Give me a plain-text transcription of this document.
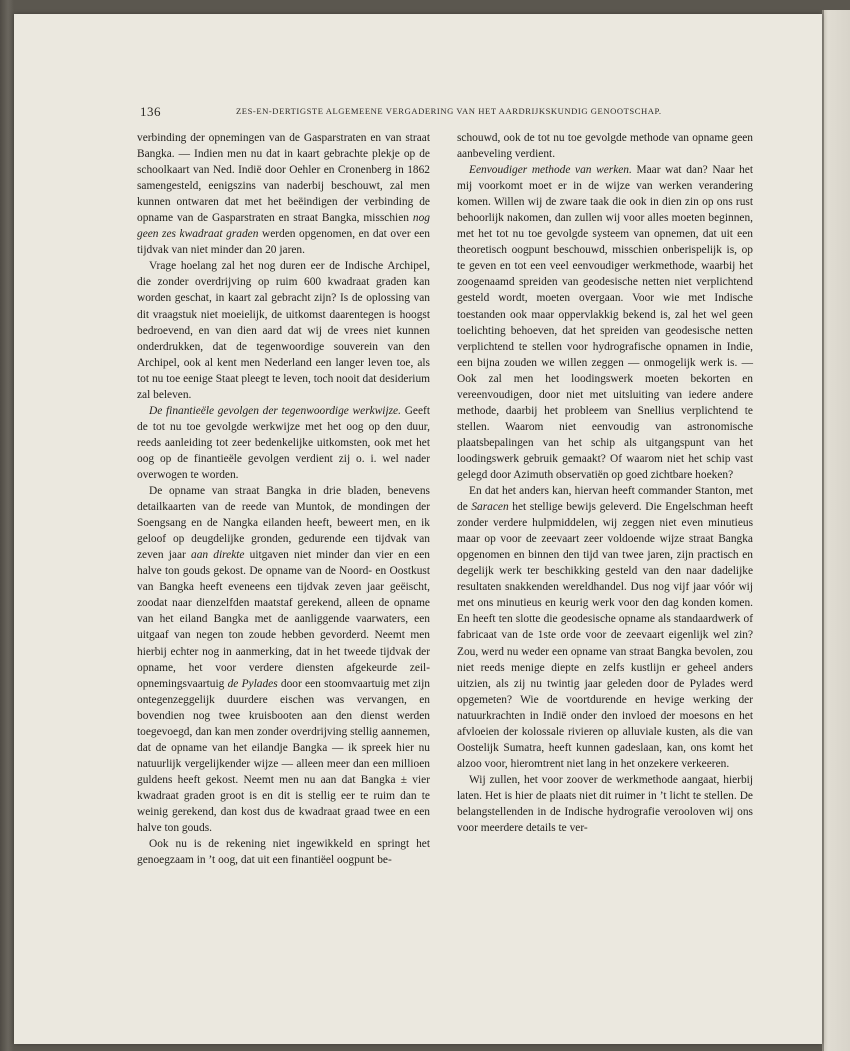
136	ZES-EN-DERTIGSTE ALGEMEENE VERGADERING VAN HET AARDRIJKSKUNDIG GENOOTSCHAP.

verbinding der opnemingen van de Gasparstraten en van straat Bangka. — Indien men nu dat in kaart gebrachte plekje op de schoolkaart van Ned. Indië door Oehler en Cronenberg in 1862 samengesteld, eenigszins van naderbij beschouwt, zal men kunnen ontwaren dat met het beëindigen der verbinding de opname van de Gasparstraten en straat Bangka, misschien nog geen zes kwadraat graden werden opgenomen, en dat over een tijdvak van niet minder dan 20 jaren.

Vrage hoelang zal het nog duren eer de Indische Archipel, die zonder overdrijving op ruim 600 kwadraat graden kan worden geschat, in kaart zal gebracht zijn? Is de oplossing van dit vraagstuk niet moeielijk, de uitkomst daarentegen is hoogst bedroevend, en van dien aard dat wij de vrees niet kunnen onderdrukken, dat de tegenwoordige souverein van den Archipel, ook al kent men Nederland een langer leven toe, als tot nu toe eenige Staat pleegt te leven, toch nooit dat desiderium zal beleven.

De finantieële gevolgen der tegenwoordige werkwijze. Geeft de tot nu toe gevolgde werkwijze met het oog op den duur, reeds aanleiding tot zeer bedenkelijke uitkomsten, ook met het oog op de finantieële gevolgen verdient zij o. i. wel nader overwogen te worden.

De opname van straat Bangka in drie bladen, benevens detailkaarten van de reede van Muntok, de mondingen der Soengsang en de Nangka eilanden heeft, beweert men, en ik geloof op deugdelijke gronden, gedurende een tijdvak van zeven jaar aan direkte uitgaven niet minder dan vier en een halve ton gouds gekost. De opname van de Noord- en Oostkust van Bangka heeft eveneens een tijdvak zeven jaar geëischt, zoodat naar dienzelfden maatstaf gerekend, alleen de opname van het eiland Bangka met de aanliggende vaarwaters, een uitgaaf van negen ton zoude hebben gevorderd. Neemt men hierbij echter nog in aanmerking, dat in het tweede tijdvak der opname, het voor verdere diensten afgekeurde zeil-opnemingsvaartuig de Pylades door een stoomvaartuig met zijn ontegenzeggelijk duurdere eischen was vervangen, en bovendien nog twee kruisbooten aan den dienst werden toegevoegd, dan kan men zonder overdrijving stellig aannemen, dat de opname van het eilandje Bangka — ik spreek hier nu natuurlijk vergelijkender wijze — alleen meer dan een millioen guldens heeft gekost. Neemt men nu aan dat Bangka ± vier kwadraat graden groot is en dit is stellig eer te ruim dan te weinig gerekend, dan kost dus de kwadraat graad twee en een halve ton gouds.

Ook nu is de rekening niet ingewikkeld en springt het genoegzaam in ’t oog, dat uit een finantiëel oogpunt be-

schouwd, ook de tot nu toe gevolgde methode van opname geen aanbeveling verdient.

Eenvoudiger methode van werken. Maar wat dan? Naar het mij voorkomt moet er in de wijze van werken verandering komen. Willen wij de zware taak die ook in dien zin op ons rust behoorlijk nakomen, dan zullen wij voor alles moeten beginnen, met het tot nu toe gevolgde systeem van opnemen, dat uit een theoretisch oogpunt beschouwd, misschien onberispelijk is, op te geven en tot een veel eenvoudiger werkmethode, waarbij het zoogenaamd spreiden van geodesische netten niet verplichtend gesteld wordt, moeten overgaan. Voor wie met Indische toestanden ook maar oppervlakkig bekend is, zal het wel geen toelichting behoeven, dat het spreiden van geodesische netten verplichtend te stellen voor hydrografische opnamen in Indie, een bijna zouden we willen zeggen — onmogelijk werk is. — Ook zal men het loodingswerk moeten bekorten en vereenvoudigen, door niet met uitsluiting van iedere andere methode, daarbij het probleem van Snellius verplichtend te stellen. Waarom niet eenvoudig van astronomische plaatsbepalingen van het schip als uitgangspunt van het loodingswerk gebruik gemaakt? Of waarom niet het schip vast gelegd door Azimuth observatiën op goed zichtbare hoeken?

En dat het anders kan, hiervan heeft commander Stanton, met de Saracen het stellige bewijs geleverd. Die Engelschman heeft zonder verdere hulpmiddelen, wij zeggen niet even minutieus maar op voor de zeevaart zeer voldoende wijze straat Bangka opgenomen en binnen den tijd van twee jaren, zijn practisch en degelijk werk ter beschikking gesteld van den naar dadelijke resultaten snakkenden wereldhandel. Dus nog vijf jaar vóór wij met ons minutieus en keurig werk voor den dag konden komen. En heeft ten slotte die geodesische opname als standaardwerk of fabricaat van de 1ste orde voor de zeevaart eigenlijk wel zin? Zou, werd nu weder een opname van straat Bangka bevolen, zou niet reeds menige diepte en zelfs kustlijn er geheel anders uitzien, als zij nu twintig jaar geleden door de Pylades werd opgemeten? Wie de voortdurende en hevige werking der natuurkrachten in Indië onder den invloed der moesons en het afvloeien der kolossale rivieren op alluviale kusten, als die van Oostelijk Sumatra, heeft kunnen gadeslaan, kan, ons komt het alzoo voor, hieromtrent niet lang in het onzekere verkeeren.

Wij zullen, het voor zoover de werkmethode aangaat, hierbij laten. Het is hier de plaats niet dit ruimer in ’t licht te stellen. De belangstellenden in de Indische hydrografie verooloven wij ons voor meerdere details te ver-
